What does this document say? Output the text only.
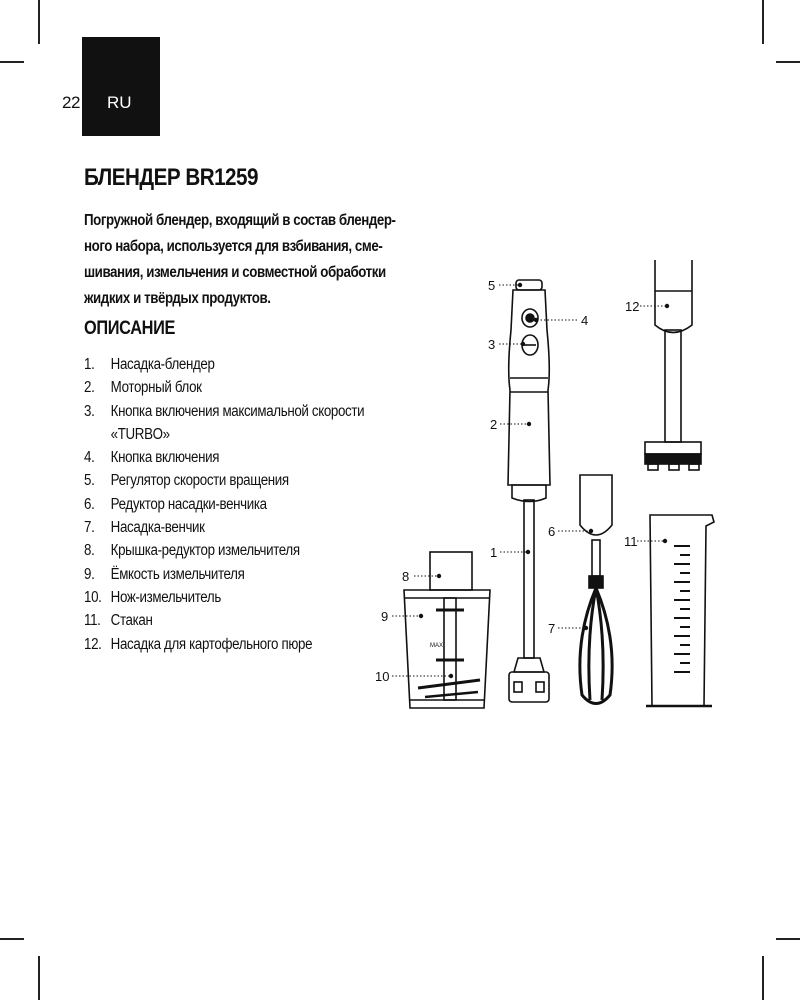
22 RU
БЛЕНДЕР BR1259

Погружной блендер, входящий в состав блендер-
ного набора, используется для взбивания, сме-
шивания, измельчения и совместной обработки
жидких и твёрдых продуктов.

ОПИСАНИЕ
1.	Насадка-блендер
2.	Моторный блок
3.	Кнопка включения максимальной скорости
«TURBO»
4.	Кнопка включения
5.	Регулятор скорости вращения
6.	Редуктор насадки-венчика
7.	Насадка-венчик
8.	Крышка-редуктор измельчителя
9.	Ёмкость измельчителя
10. Нож-измельчитель
11. Стакан
12. Насадка для картофельного пюре	MAX
5
4
3
2
1
6
7
8
9
10
11
12
